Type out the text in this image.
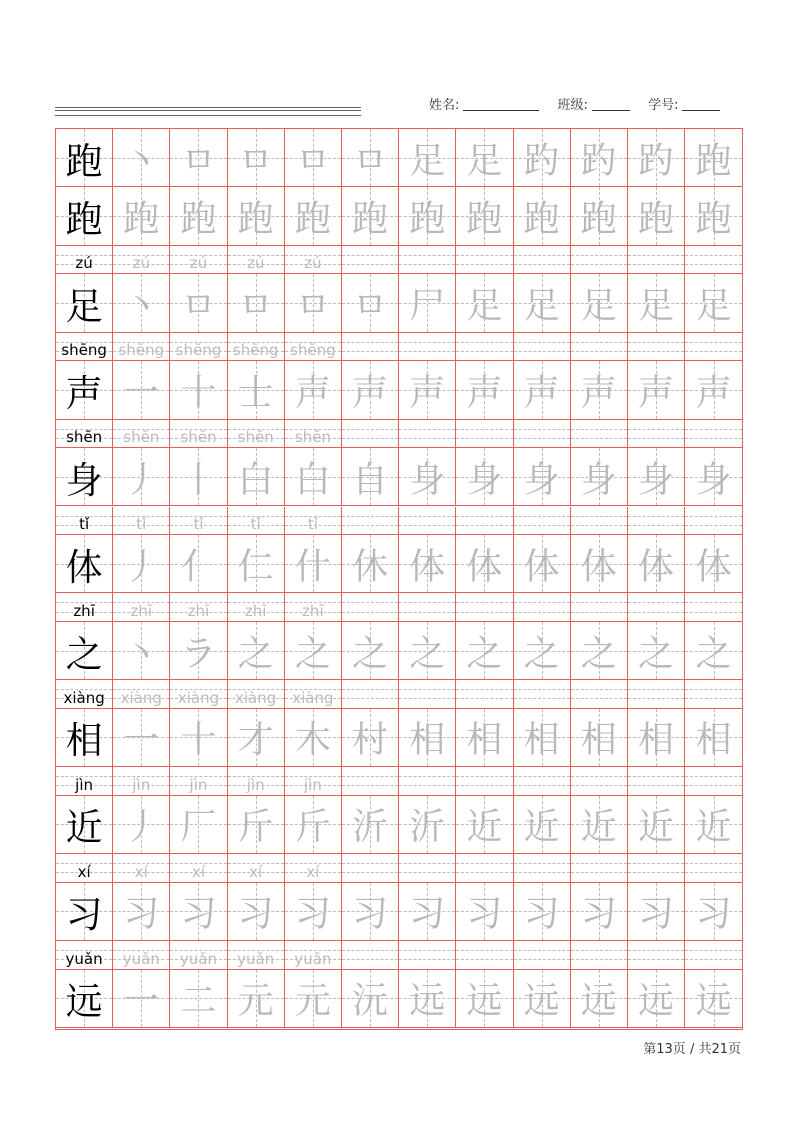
姓名:	班级:	学号:
跑 丶 ㅁ ㅁ ㅁ ㅁ 足 足 趵 趵 趵 跑
跑 跑 跑 跑 跑 跑 跑 跑 跑 跑 跑 跑
zú	zú	zú	zú	zú
足 丶 ㅁ ㅁ ㅁ ㅁ 尸 足 足 足 足 足
shēng shēng shēng shēng shēng
声 一 十 士 声 声 声 声 声 声 声 声
shēn	shēn	shēn	shēn	shēn
身 丿 丨 白 白 自 身 身 身 身 身 身
tǐ	tǐ	tǐ	tǐ	tǐ
体 丿 亻 仁 什 休 体 体 体 体 体 体
zhī	zhī	zhī	zhī	zhī
之 丶 ラ 之 之 之 之 之 之 之 之 之
xiàng	xiàng	xiàng	xiàng	xiàng
相 一 十 才 木 村 相 相 相 相 相 相
jìn	jìn	jìn	jìn	jìn
近 丿 厂 斤 斤 沂 沂 近 近 近 近 近
xí	xí	xí	xí	xí
习 习 习 习 习 习 习 习 习 习 习 习
yuǎn	yuǎn	yuǎn	yuǎn	yuǎn
远 一 二 元 元 沅 远 远 远 远 远 远
第13页 / 共21页
